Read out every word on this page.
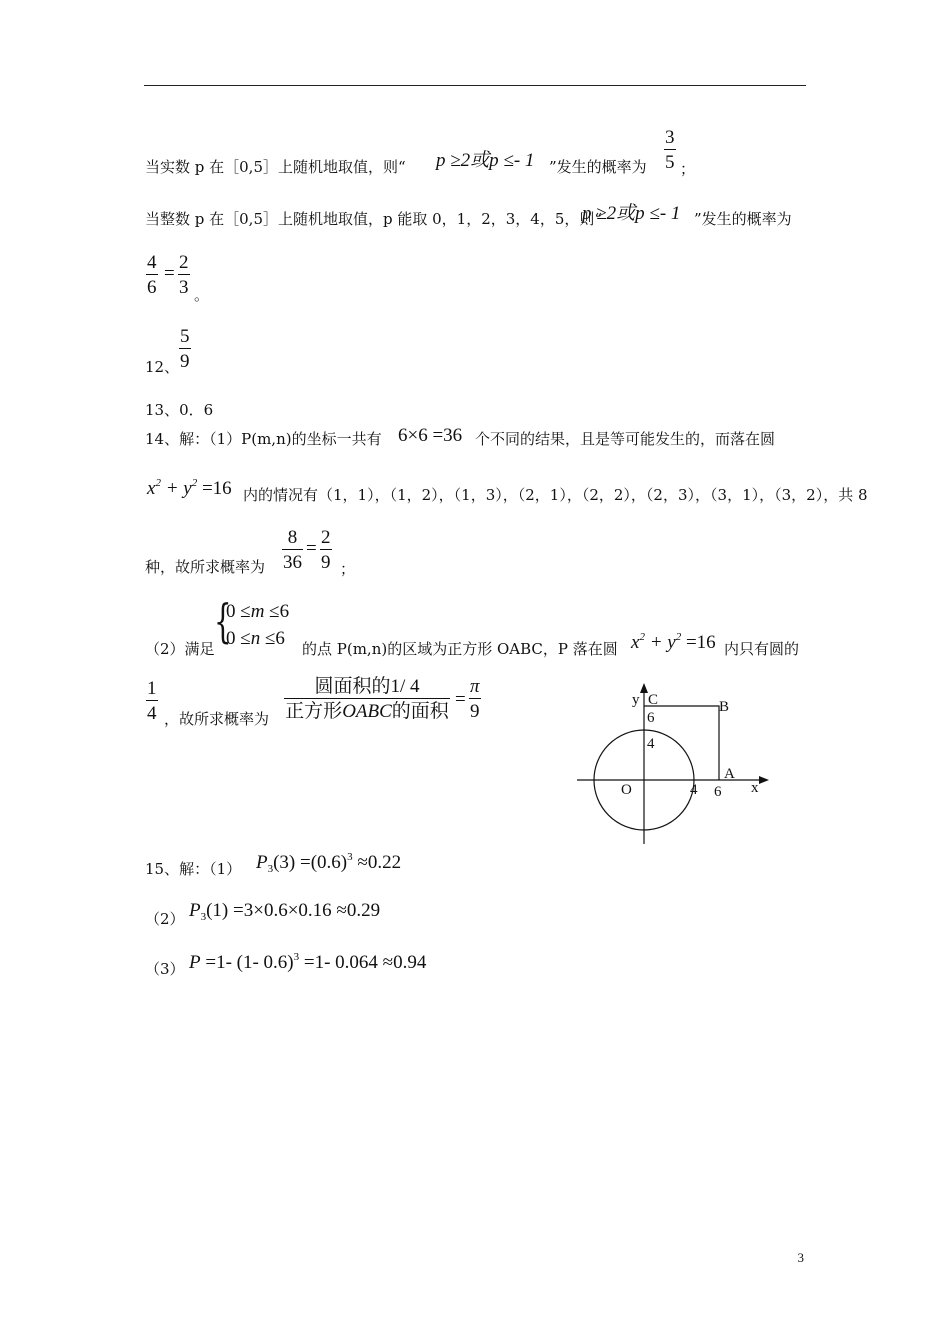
当实数 p 在［0,5］上随机地取值，则“ p ≥2或p ≤- 1 ”发生的概率为 $\frac{3}{5}$ ；
当整数 p 在［0,5］上随机地取值，p 能取 0，1，2，3，4，5，则“
p ≥2或p ≤- 1 ”发生的概率为
$\frac{4}{6} = \frac{2}{3}$ 。
12、 $\frac{5}{9}$
13、0．6
14、解：（1）P(m,n)的坐标一共有 6×6 =36 个不同的结果，且是等可能发生的，而落在圆
$x^2 + y^2 =16$ 内的情况有（1，1），（1，2），（1，3），（2，1），（2，2），（2，3），（3，1），（3，2），共 8
种，故所求概率为 $\frac{8}{36} = \frac{2}{9}$ ；
（2）满足
{
0 ≤m ≤6
0 ≤n ≤6 的点 P(m,n)的区域为正方形 OABC，P 落在圆 $x^2 + y^2 =16$ 内只有圆的
$\frac{1}{4}$ ，故所求概率为
圆面积的1/ 4
正方形OABC的面积
= $\frac{\pi}{9}$	y C	B
6
4
O	4
A
6 x
15、解：（1） $P_3(3) =(0.6)^3 \approx 0.22$
（2） $P_3(1) =3\times 0.6\times 0.16 \approx 0.29$
（3） P =1- (1- 0.6)$^3$ =1- 0.064 ≈0.94
3
